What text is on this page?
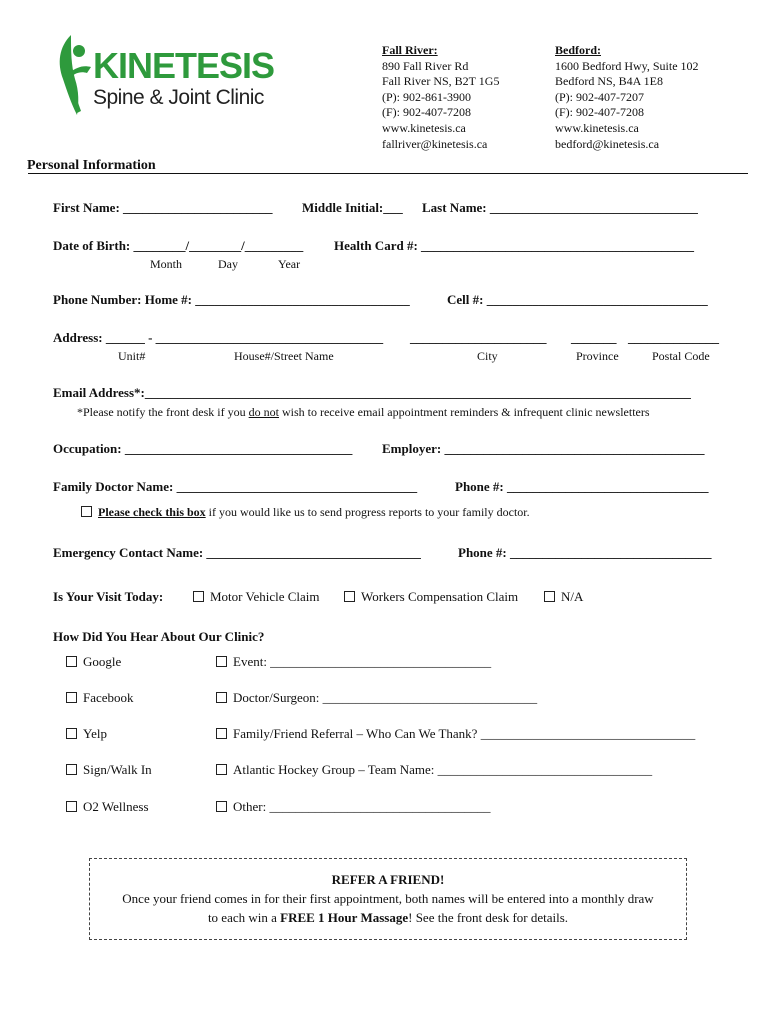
KINETESIS
Spine & Joint Clinic
Fall River:
890 Fall River Rd
Fall River NS, B2T 1G5
(P): 902-861-3900
(F): 902-407-7208
www.kinetesis.ca
fallriver@kinetesis.ca
Bedford:
1600 Bedford Hwy, Suite 102
Bedford NS, B4A 1E8
(P): 902-407-7207
(F): 902-407-7208
www.kinetesis.ca
bedford@kinetesis.ca
Personal Information
First Name: _______________________ Middle Initial:___ Last Name: ________________________________
Date of Birth: ________/________/_________ Health Card #: __________________________________________
Month	Day	Year
Phone Number: Home #: _________________________________	Cell #: __________________________________
Address: ______ - ___________________________________ _____________________ _______ ______________
Unit#	House#/Street Name	City	Province	Postal Code
Email Address*:____________________________________________________________________________________
*Please notify the front desk if you do not wish to receive email appointment reminders & infrequent clinic newsletters
Occupation: ___________________________________ Employer: ________________________________________
Family Doctor Name: _____________________________________	Phone #: _______________________________
Please check this box if you would like us to send progress reports to your family doctor.
Emergency Contact Name: _________________________________	Phone #: _______________________________
Is Your Visit Today:	Motor Vehicle Claim	Workers Compensation Claim	N/A
How Did You Hear About Our Clinic?
Google
Facebook
Yelp
Sign/Walk In
O2 Wellness
Event: __________________________________
Doctor/Surgeon: _________________________________
Family/Friend Referral – Who Can We Thank? _________________________________
Atlantic Hockey Group – Team Name: _________________________________
Other: __________________________________
REFER A FRIEND!
Once your friend comes in for their first appointment, both names will be entered into a monthly draw
to each win a FREE 1 Hour Massage! See the front desk for details.
